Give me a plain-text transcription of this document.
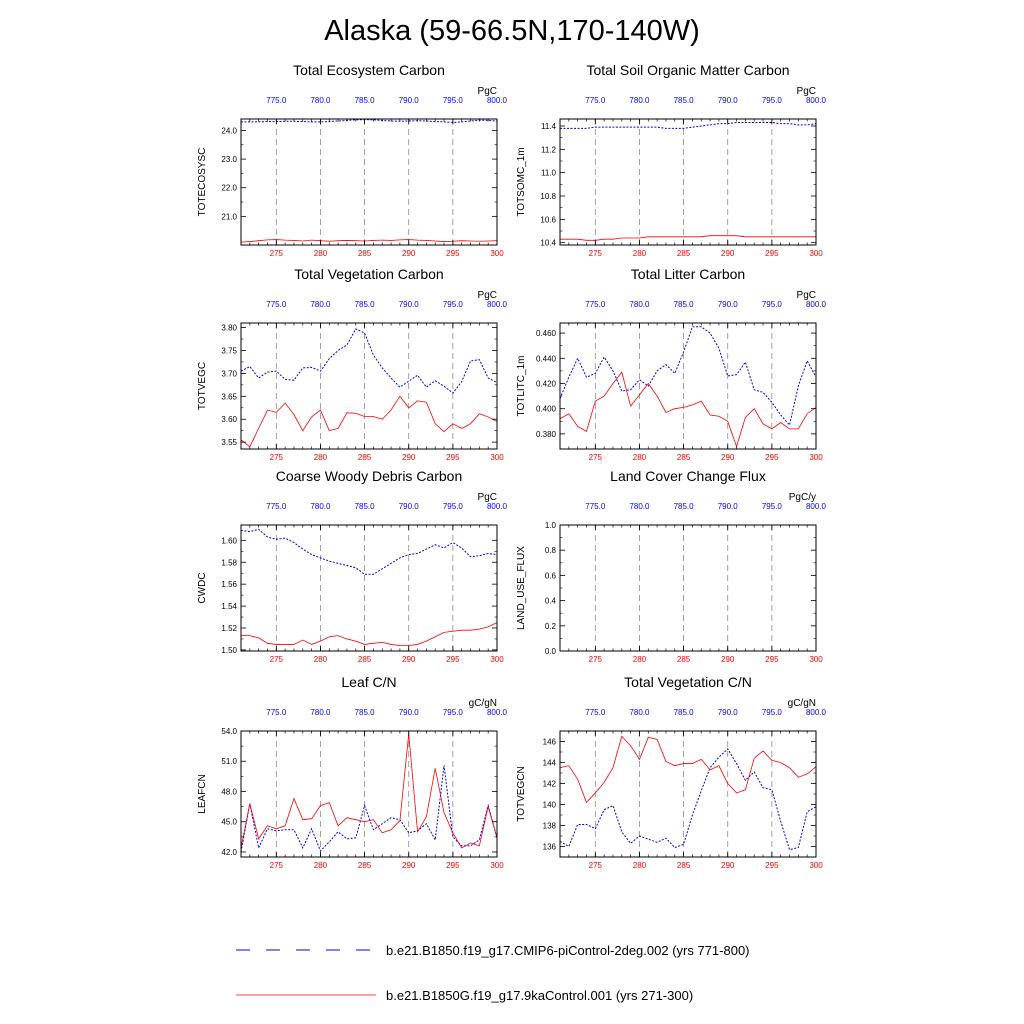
Alaska (59-66.5N,170-140W)
Total Ecosystem Carbon
PgC
275	280	285	290	295	300
775.0	780.0	785.0	790.0	795.0	800.0
21.0
22.0
23.0
24.0
TOTECOSYSC
Total Soil Organic Matter Carbon
PgC
275	280	285	290	295	300
775.0	780.0	785.0	790.0	795.0	800.0
10.4
10.6
10.8
11.0
11.2
11.4
TOTSOMC_1m
Total Vegetation Carbon
PgC
275	280	285	290	295	300
775.0	780.0	785.0	790.0	795.0	800.0
3.55
3.60
3.65
3.70
3.75
3.80
TOTVEGC
Total Litter Carbon
PgC
275	280	285	290	295	300
775.0	780.0	785.0	790.0	795.0	800.0
0.380
0.400
0.420
0.440
0.460
TOTLITC_1m
Coarse Woody Debris Carbon
PgC
275	280	285	290	295	300
775.0	780.0	785.0	790.0	795.0	800.0
1.50
1.52
1.54
1.56
1.58
1.60
CWDC
Land Cover Change Flux
PgC/y
275	280	285	290	295	300
775.0	780.0	785.0	790.0	795.0	800.0
0.0
0.2
0.4
0.6
0.8
1.0
LAND_USE_FLUX
Leaf C/N
gC/gN
275	280	285	290	295	300
775.0	780.0	785.0	790.0	795.0	800.0
42.0
45.0
48.0
51.0
54.0
LEAFCN
Total Vegetation C/N
gC/gN
275	280	285	290	295	300
775.0	780.0	785.0	790.0	795.0	800.0
136
138
140
142
144
146
TOTVEGCN
b.e21.B1850.f19_g17.CMIP6-piControl-2deg.002 (yrs 771-800)
b.e21.B1850G.f19_g17.9kaControl.001 (yrs 271-300)
